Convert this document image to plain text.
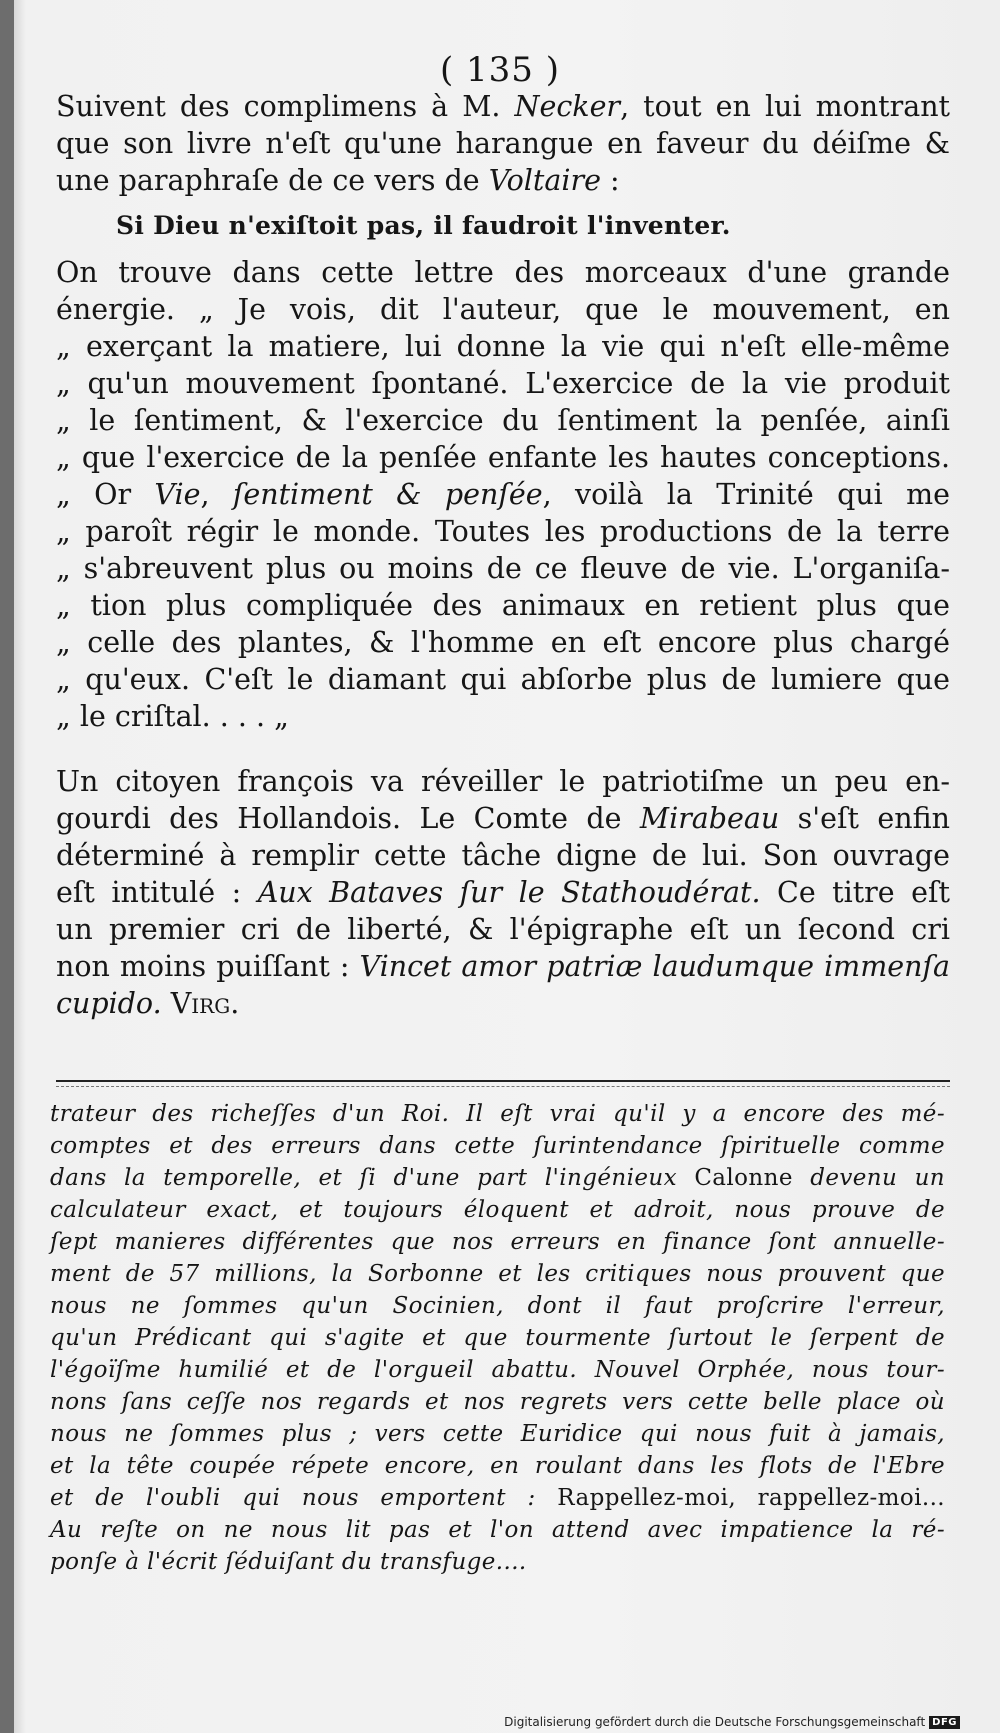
( 135 )

Suivent des complimens à M. Necker, tout en lui montrant
que son livre n'eſt qu'une harangue en faveur du déiſme &
une paraphraſe de ce vers de Voltaire :

Si Dieu n'exiſtoit pas, il faudroit l'inventer.

On trouve dans cette lettre des morceaux d'une grande
énergie. „ Je vois, dit l'auteur, que le mouvement, en
„ exerçant la matiere, lui donne la vie qui n'eſt elle-même
„ qu'un mouvement ſpontané. L'exercice de la vie produit
„ le ſentiment, & l'exercice du ſentiment la penſée, ainſi
„ que l'exercice de la penſée enfante les hautes conceptions.
„ Or Vie, ſentiment & penſée, voilà la Trinité qui me
„ paroît régir le monde. Toutes les productions de la terre
„ s'abreuvent plus ou moins de ce fleuve de vie. L'organiſa-
„ tion plus compliquée des animaux en retient plus que
„ celle des plantes, & l'homme en eſt encore plus chargé
„ qu'eux. C'eſt le diamant qui abſorbe plus de lumiere que
„ le criſtal. . . . „

Un citoyen françois va réveiller le patriotiſme un peu en-
gourdi des Hollandois. Le Comte de Mirabeau s'eſt enfin
déterminé à remplir cette tâche digne de lui. Son ouvrage
eſt intitulé : Aux Bataves ſur le Stathoudérat. Ce titre eſt
un premier cri de liberté, & l'épigraphe eſt un ſecond cri
non moins puiſſant : Vincet amor patriæ laudumque immenſa
cupido. Virg.

trateur des richeſſes d'un Roi. Il eſt vrai qu'il y a encore des mé-
comptes et des erreurs dans cette ſurintendance ſpirituelle comme
dans la temporelle, et ſi d'une part l'ingénieux Calonne devenu un
calculateur exact, et toujours éloquent et adroit, nous prouve de
ſept manieres différentes que nos erreurs en finance ſont annuelle-
ment de 57 millions, la Sorbonne et les critiques nous prouvent que
nous ne ſommes qu'un Socinien, dont il faut proſcrire l'erreur,
qu'un Prédicant qui s'agite et que tourmente ſurtout le ſerpent de
l'égoïſme humilié et de l'orgueil abattu. Nouvel Orphée, nous tour-
nons ſans ceſſe nos regards et nos regrets vers cette belle place où
nous ne ſommes plus ; vers cette Euridice qui nous fuit à jamais,
et la tête coupée répete encore, en roulant dans les flots de l'Ebre
et de l'oubli qui nous emportent : Rappellez-moi, rappellez-moi...
Au reſte on ne nous lit pas et l'on attend avec impatience la ré-
ponſe à l'écrit ſéduiſant du transfuge....
Digitalisierung gefördert durch die Deutsche Forschungsgemeinschaft DFG
